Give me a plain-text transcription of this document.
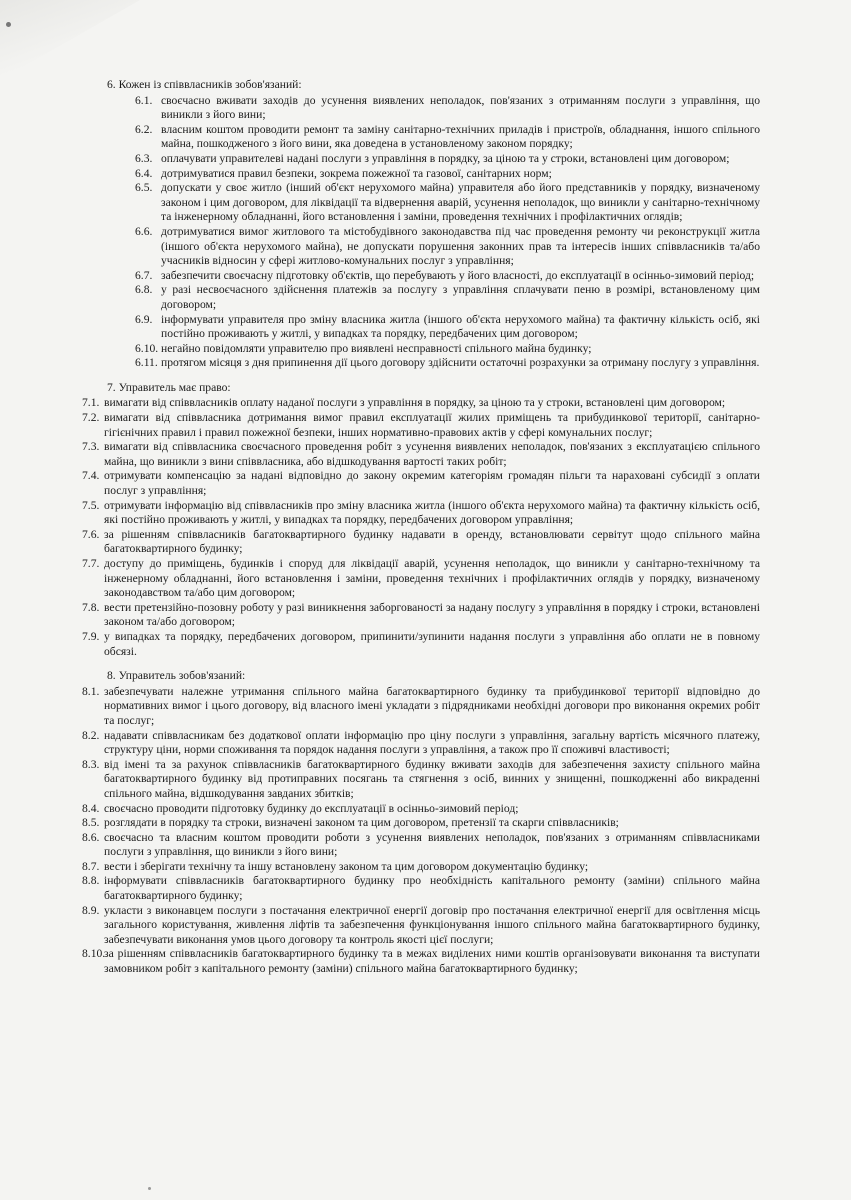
6. Кожен із співвласників зобов'язаний:
6.1. своєчасно вживати заходів до усунення виявлених неполадок, пов'язаних з отриманням послуги з управління, що виникли з його вини;
6.2. власним коштом проводити ремонт та заміну санітарно-технічних приладів і пристроїв, обладнання, іншого спільного майна, пошкодженого з його вини, яка доведена в установленому законом порядку;
6.3. оплачувати управителеві надані послуги з управління в порядку, за ціною та у строки, встановлені цим договором;
6.4. дотримуватися правил безпеки, зокрема пожежної та газової, санітарних норм;
6.5. допускати у своє житло (інший об'єкт нерухомого майна) управителя або його представників у порядку, визначеному законом і цим договором, для ліквідації та відвернення аварій, усунення неполадок, що виникли у санітарно-технічному та інженерному обладнанні, його встановлення і заміни, проведення технічних і профілактичних оглядів;
6.6. дотримуватися вимог житлового та містобудівного законодавства під час проведення ремонту чи реконструкції житла (іншого об'єкта нерухомого майна), не допускати порушення законних прав та інтересів інших співвласників та/або учасників відносин у сфері житлово-комунальних послуг з управління;
6.7. забезпечити своєчасну підготовку об'єктів, що перебувають у його власності, до експлуатації в осінньо-зимовий період;
6.8. у разі несвоєчасного здійснення платежів за послугу з управління сплачувати пеню в розмірі, встановленому цим договором;
6.9. інформувати управителя про зміну власника житла (іншого об'єкта нерухомого майна) та фактичну кількість осіб, які постійно проживають у житлі, у випадках та порядку, передбачених цим договором;
6.10. негайно повідомляти управителю про виявлені несправності спільного майна будинку;
6.11. протягом місяця з дня припинення дії цього договору здійснити остаточні розрахунки за отриману послугу з управління.
7. Управитель має право:
7.1. вимагати від співвласників оплату наданої послуги з управління в порядку, за ціною та у строки, встановлені цим договором;
7.2. вимагати від співвласника дотримання вимог правил експлуатації жилих приміщень та прибудинкової території, санітарно-гігієнічних правил і правил пожежної безпеки, інших нормативно-правових актів у сфері комунальних послуг;
7.3. вимагати від співвласника своєчасного проведення робіт з усунення виявлених неполадок, пов'язаних з експлуатацією спільного майна, що виникли з вини співвласника, або відшкодування вартості таких робіт;
7.4. отримувати компенсацію за надані відповідно до закону окремим категоріям громадян пільги та нараховані субсидії з оплати послуг з управління;
7.5. отримувати інформацію від співвласників про зміну власника житла (іншого об'єкта нерухомого майна) та фактичну кількість осіб, які постійно проживають у житлі, у випадках та порядку, передбачених договором управління;
7.6. за рішенням співвласників багатоквартирного будинку надавати в оренду, встановлювати сервітут щодо спільного майна багатоквартирного будинку;
7.7. доступу до приміщень, будинків і споруд для ліквідації аварій, усунення неполадок, що виникли у санітарно-технічному та інженерному обладнанні, його встановлення і заміни, проведення технічних і профілактичних оглядів у порядку, визначеному законодавством та/або цим договором;
7.8. вести претензійно-позовну роботу у разі виникнення заборгованості за надану послугу з управління в порядку і строки, встановлені законом та/або договором;
7.9. у випадках та порядку, передбачених договором, припинити/зупинити надання послуги з управління або оплати не в повному обсязі.
8. Управитель зобов'язаний:
8.1. забезпечувати належне утримання спільного майна багатоквартирного будинку та прибудинкової території відповідно до нормативних вимог і цього договору, від власного імені укладати з підрядниками необхідні договори про виконання окремих робіт та послуг;
8.2. надавати співвласникам без додаткової оплати інформацію про ціну послуги з управління, загальну вартість місячного платежу, структуру ціни, норми споживання та порядок надання послуги з управління, а також про її споживчі властивості;
8.3. від імені та за рахунок співвласників багатоквартирного будинку вживати заходів для забезпечення захисту спільного майна багатоквартирного будинку від протиправних посягань та стягнення з осіб, винних у знищенні, пошкодженні або викраденні спільного майна, відшкодування завданих збитків;
8.4. своєчасно проводити підготовку будинку до експлуатації в осінньо-зимовий період;
8.5. розглядати в порядку та строки, визначені законом та цим договором, претензії та скарги співвласників;
8.6. своєчасно та власним коштом проводити роботи з усунення виявлених неполадок, пов'язаних з отриманням співвласниками послуги з управління, що виникли з його вини;
8.7. вести і зберігати технічну та іншу встановлену законом та цим договором документацію будинку;
8.8. інформувати співвласників багатоквартирного будинку про необхідність капітального ремонту (заміни) спільного майна багатоквартирного будинку;
8.9. укласти з виконавцем послуги з постачання електричної енергії договір про постачання електричної енергії для освітлення місць загального користування, живлення ліфтів та забезпечення функціонування іншого спільного майна багатоквартирного будинку, забезпечувати виконання умов цього договору та контроль якості цієї послуги;
8.10.
за рішенням співвласників багатоквартирного будинку та в межах виділених ними коштів організовувати виконання та виступати замовником робіт з капітального ремонту (заміни) спільного майна багатоквартирного будинку;
